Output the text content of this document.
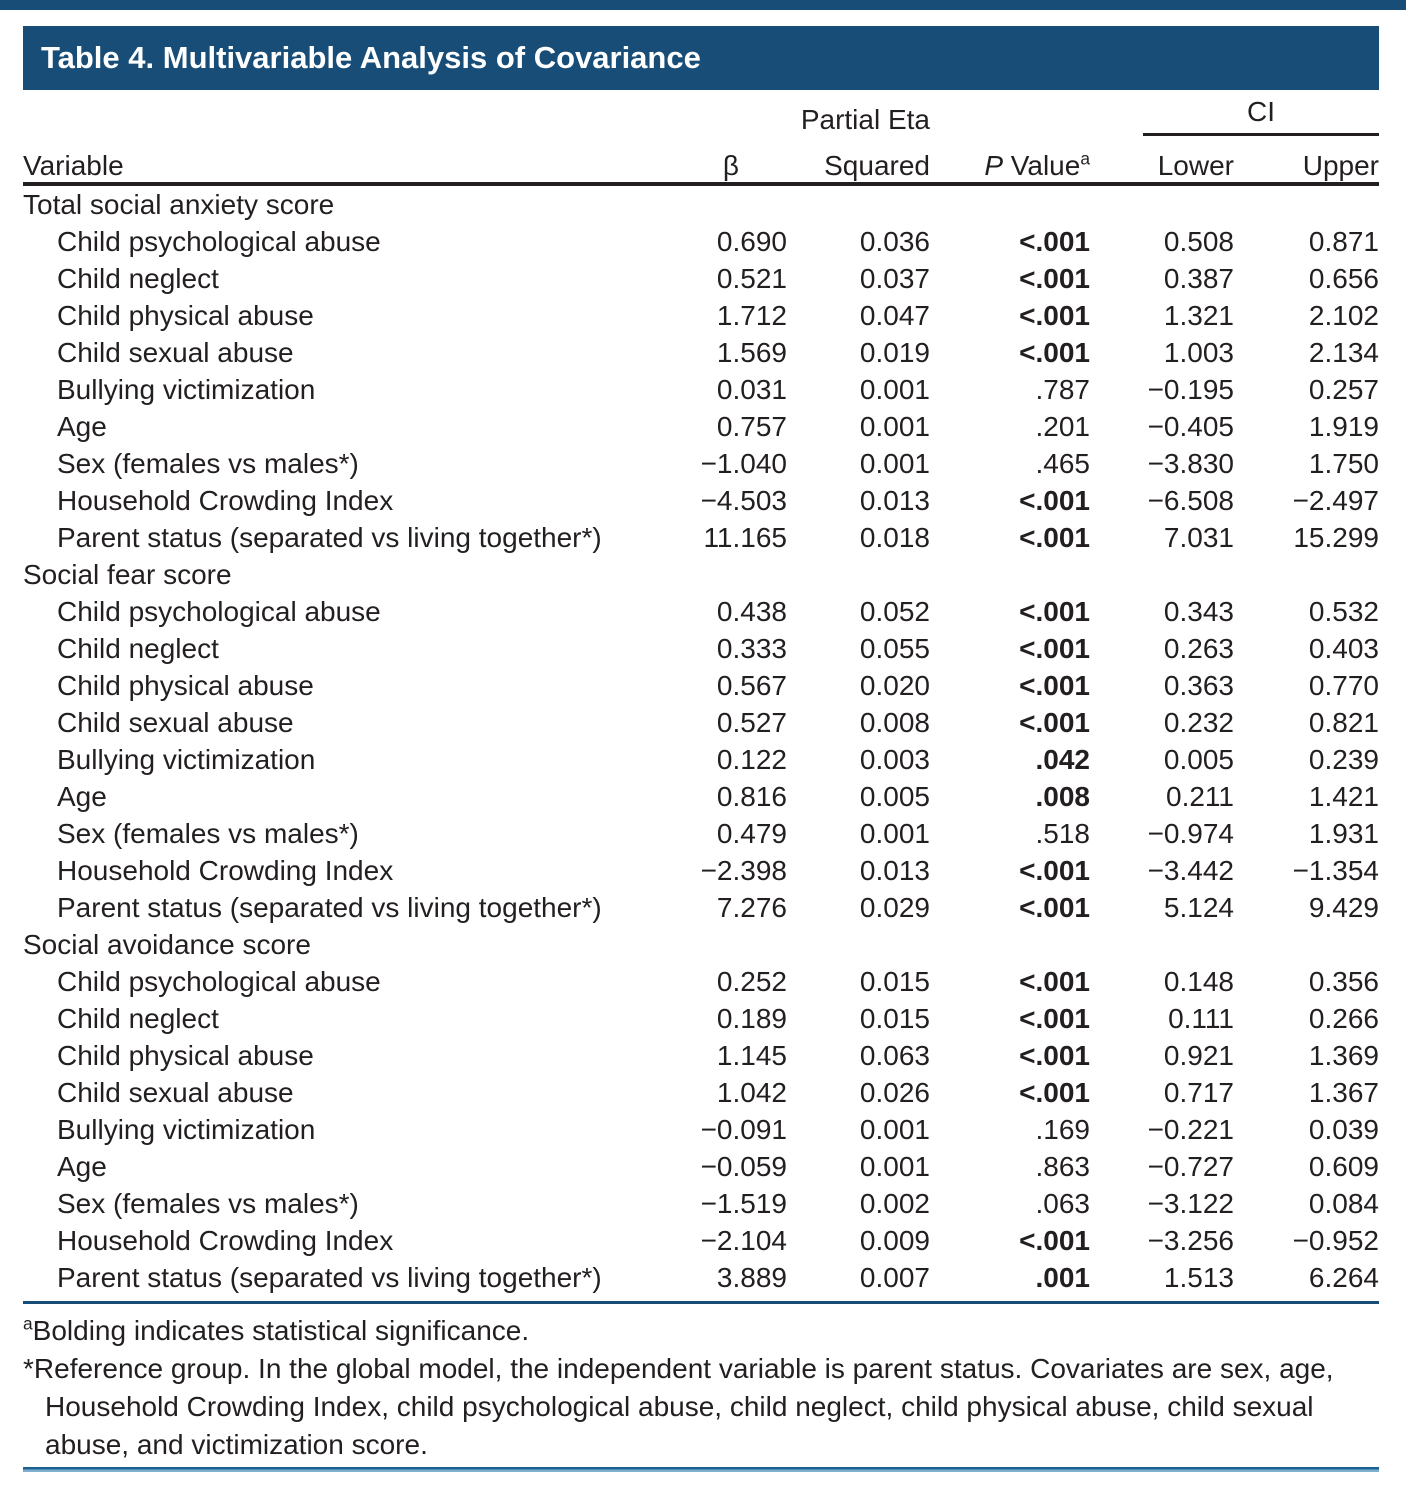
Table 4. Multivariable Analysis of Covariance
Partial Eta	CI
Variable	β	Squared	P Value$^a$	Lower	Upper
Total social anxiety score
Child psychological abuse	0.690	0.036	<.001	0.508	0.871
Child neglect	0.521	0.037	<.001	0.387	0.656
Child physical abuse	1.712	0.047	<.001	1.321	2.102
Child sexual abuse	1.569	0.019	<.001	1.003	2.134
Bullying victimization	0.031	0.001	.787	−0.195	0.257
Age	0.757	0.001	.201	−0.405	1.919
Sex (females vs males*)	−1.040	0.001	.465	−3.830	1.750
Household Crowding Index	−4.503	0.013	<.001	−6.508	−2.497
Parent status (separated vs living together*)	11.165	0.018	<.001	7.031	15.299
Social fear score
Child psychological abuse	0.438	0.052	<.001	0.343	0.532
Child neglect	0.333	0.055	<.001	0.263	0.403
Child physical abuse	0.567	0.020	<.001	0.363	0.770
Child sexual abuse	0.527	0.008	<.001	0.232	0.821
Bullying victimization	0.122	0.003	.042	0.005	0.239
Age	0.816	0.005	.008	0.211	1.421
Sex (females vs males*)	0.479	0.001	.518	−0.974	1.931
Household Crowding Index	−2.398	0.013	<.001	−3.442	−1.354
Parent status (separated vs living together*)	7.276	0.029	<.001	5.124	9.429
Social avoidance score
Child psychological abuse	0.252	0.015	<.001	0.148	0.356
Child neglect	0.189	0.015	<.001	0.111	0.266
Child physical abuse	1.145	0.063	<.001	0.921	1.369
Child sexual abuse	1.042	0.026	<.001	0.717	1.367
Bullying victimization	−0.091	0.001	.169	−0.221	0.039
Age	−0.059	0.001	.863	−0.727	0.609
Sex (females vs males*)	−1.519	0.002	.063	−3.122	0.084
Household Crowding Index	−2.104	0.009	<.001	−3.256	−0.952
Parent status (separated vs living together*)	3.889	0.007	.001	1.513	6.264

$^a$Bolding indicates statistical significance.

*Reference group. In the global model, the independent variable is parent status. Covariates are sex, age,

Household Crowding Index, child psychological abuse, child neglect, child physical abuse, child sexual

abuse, and victimization score.
